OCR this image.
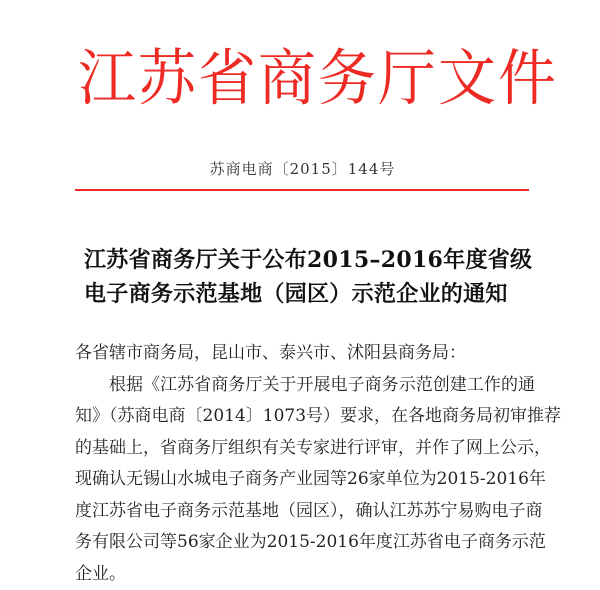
江苏省商务厅文件
苏商电商〔2015〕144号
江苏省商务厅关于公布2015–2016年度省级
电子商务示范基地（园区）示范企业的通知
各省辖市商务局，昆山市、泰兴市、沭阳县商务局：
根据《江苏省商务厅关于开展电子商务示范创建工作的通
知》（苏商电商〔2014〕1073号）要求，在各地商务局初审推荐
的基础上，省商务厅组织有关专家进行评审，并作了网上公示，
现确认无锡山水城电子商务产业园等26家单位为2015-2016年
度江苏省电子商务示范基地（园区），确认江苏苏宁易购电子商
务有限公司等56家企业为2015-2016年度江苏省电子商务示范
企业。
